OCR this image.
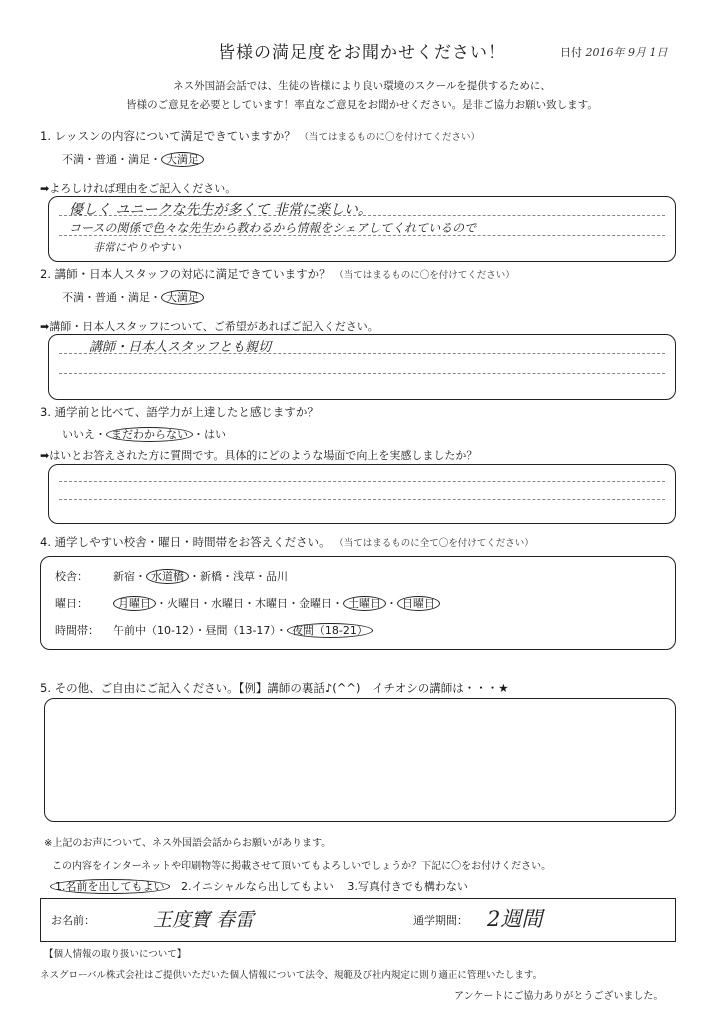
皆様の満足度をお聞かせください！	日付 2016年 9月 1日
ネス外国語会話では、生徒の皆様により良い環境のスクールを提供するために、
皆様のご意見を必要としています！率直なご意見をお聞かせください。是非ご協力お願い致します。
1. レッスンの内容について満足できていますか？ （当てはまるものに〇を付けてください）
不満・普通・満足・ 大満足
➡よろしければ理由をご記入ください。
優しく ユニークな先生が多くて 非常に楽しい。
コースの関係で色々な先生から教わるから情報をシェアしてくれているので
非常にやりやすい
2. 講師・日本人スタッフの対応に満足できていますか？ （当てはまるものに〇を付けてください）
不満・普通・満足・ 大満足
➡講師・日本人スタッフについて、ご希望があればご記入ください。
講師・日本人スタッフとも親切
3. 通学前と比べて、語学力が上達したと感じますか？
いいえ・ まだわからない ・はい
➡はいとお答えされた方に質問です。具体的にどのような場面で向上を実感しましたか？
4. 通学しやすい校舎・曜日・時間帯をお答えください。 （当てはまるものに全て〇を付けてください）
校舎： 新宿・ 水道橋 ・新橋・浅草・品川
曜日：	月曜日 ・火曜日・水曜日・木曜日・金曜日・ 土曜日 ・ 日曜日
時間帯： 午前中（10-12）・昼間（13-17）・ 夜間（18-21）
5. その他、ご自由にご記入ください。【例】講師の裏話♪(^^)　イチオシの講師は・・・★
※上記のお声について、ネス外国語会話からお願いがあります。
この内容をインターネットや印刷物等に掲載させて頂いてもよろしいでしょうか？下記に〇をお付けください。
1.名前を出してもよい 2.イニシャルなら出してもよい 3.写真付きでも構わない
お名前：	王度寶 春雷	通学期間： 2週間
【個人情報の取り扱いについて】
ネスグローバル株式会社はご提供いただいた個人情報について法令、規範及び社内規定に則り適正に管理いたします。
アンケートにご協力ありがとうございました。
